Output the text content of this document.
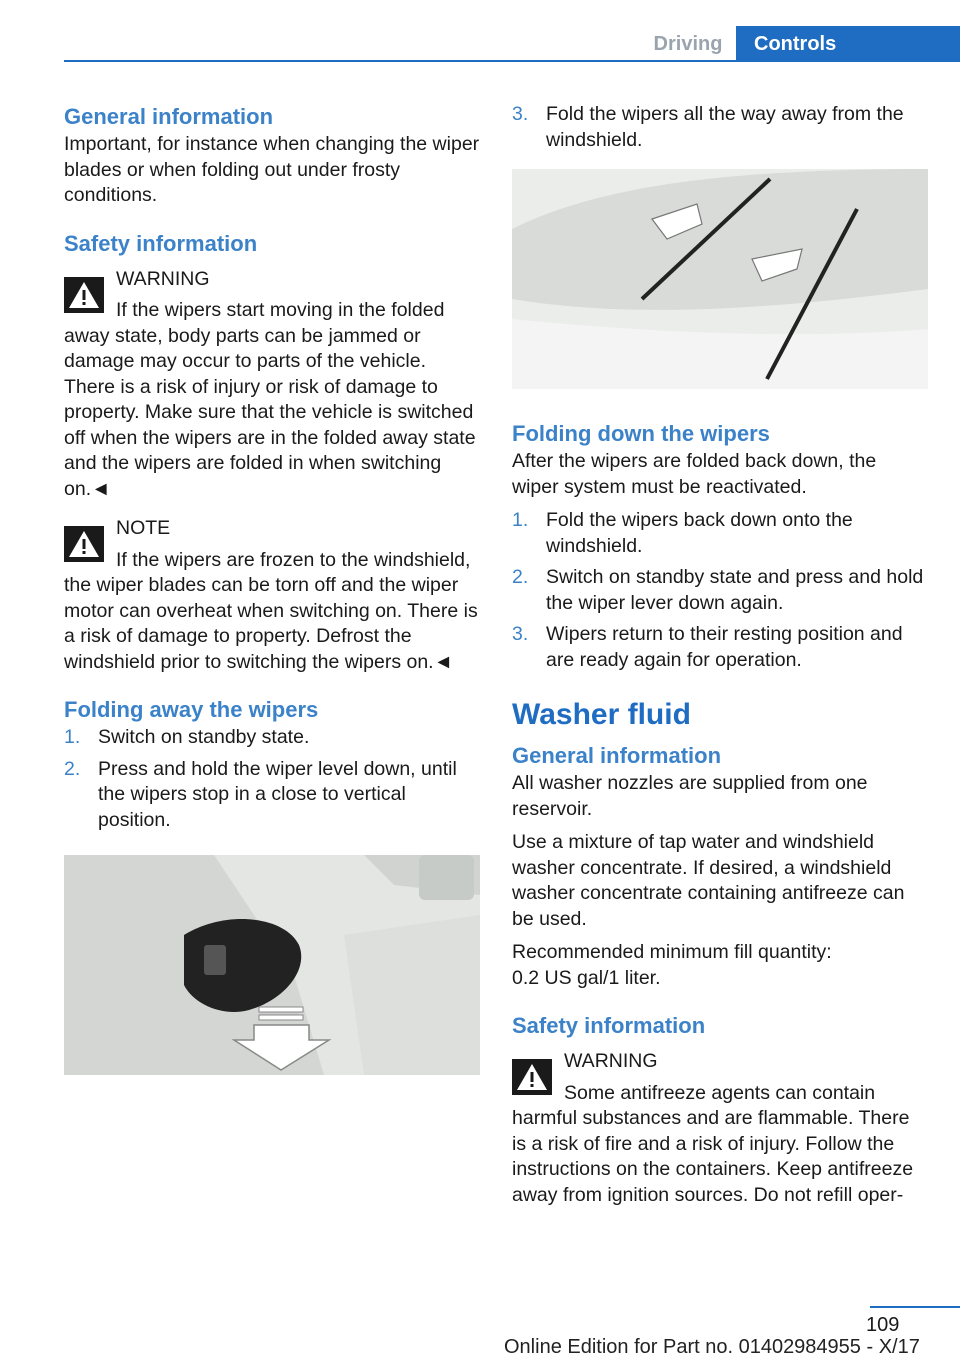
Driving	Controls
General information

Important, for instance when changing the wiper blades or when folding out under frosty conditions.

Safety information

WARNING

If the wipers start moving in the folded

away state, body parts can be jammed or damage may occur to parts of the vehicle. There is a risk of injury or risk of damage to property. Make sure that the vehicle is switched off when the wipers are in the folded away state and the wipers are folded in when switching on.◄

NOTE

If the wipers are frozen to the windshield,

the wiper blades can be torn off and the wiper motor can overheat when switching on. There is a risk of damage to property. Defrost the windshield prior to switching the wipers on.◄

Folding away the wipers
1. Switch on standby state.
2. Press and hold the wiper level down, until the wipers stop in a close to vertical position.
3. Fold the wipers all the way away from the windshield.
Folding down the wipers

After the wipers are folded back down, the wiper system must be reactivated.

1. Fold the wipers back down onto the windshield.
2. Switch on standby state and press and hold the wiper lever down again.
3. Wipers return to their resting position and are ready again for operation.
Washer fluid
General information

All washer nozzles are supplied from one reservoir.

Use a mixture of tap water and windshield washer concentrate. If desired, a windshield washer concentrate containing antifreeze can be used.

Recommended minimum fill quantity:

0.2 US gal/1 liter.

Safety information

WARNING

Some antifreeze agents can contain

harmful substances and are flammable. There is a risk of fire and a risk of injury. Follow the instructions on the containers. Keep antifreeze away from ignition sources. Do not refill oper-

109
Online Edition for Part no. 01402984955 - X/17
